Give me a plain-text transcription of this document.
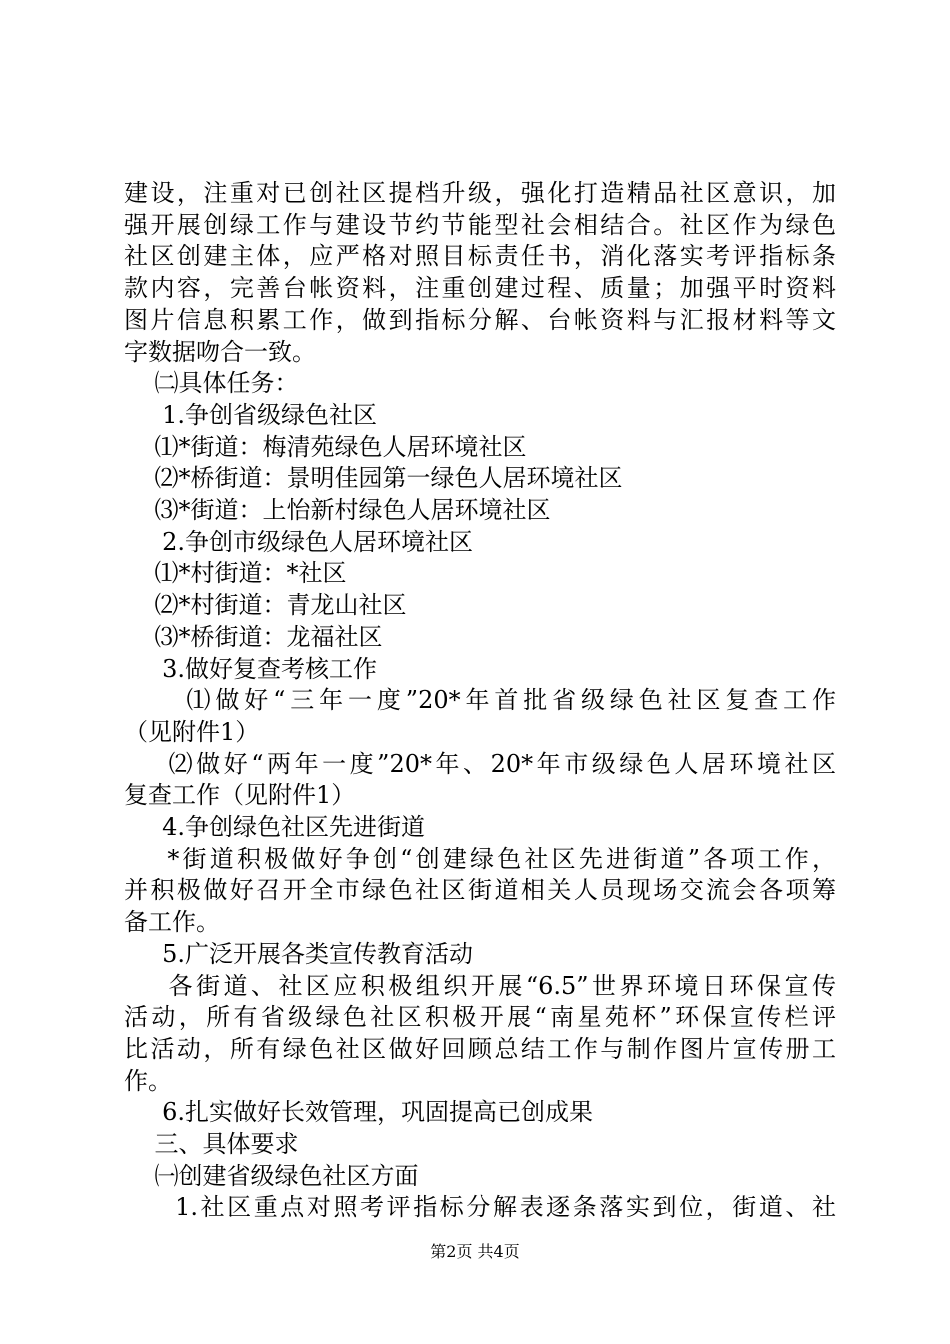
建设，注重对已创社区提档升级，强化打造精品社区意识，加
强开展创绿工作与建设节约节能型社会相结合。社区作为绿色
社区创建主体，应严格对照目标责任书，消化落实考评指标条
款内容，完善台帐资料，注重创建过程、质量；加强平时资料
图片信息积累工作，做到指标分解、台帐资料与汇报材料等文
字数据吻合一致。
㈡具体任务：
1.争创省级绿色社区
⑴*街道：梅清苑绿色人居环境社区
⑵*桥街道：景明佳园第一绿色人居环境社区
⑶*街道：上怡新村绿色人居环境社区
2.争创市级绿色人居环境社区
⑴*村街道：*社区
⑵*村街道：青龙山社区
⑶*桥街道：龙福社区
3.做好复查考核工作
⑴做好“三年一度”20*年首批省级绿色社区复查工作
（见附件1）
⑵做好“两年一度”20*年、20*年市级绿色人居环境社区
复查工作（见附件1）
4.争创绿色社区先进街道
*街道积极做好争创“创建绿色社区先进街道”各项工作，
并积极做好召开全市绿色社区街道相关人员现场交流会各项筹
备工作。
5.广泛开展各类宣传教育活动
各街道、社区应积极组织开展“6.5”世界环境日环保宣传
活动，所有省级绿色社区积极开展“南星苑杯”环保宣传栏评
比活动，所有绿色社区做好回顾总结工作与制作图片宣传册工
作。
6.扎实做好长效管理，巩固提高已创成果
三、具体要求
㈠创建省级绿色社区方面
1.社区重点对照考评指标分解表逐条落实到位，街道、社
第2页 共4页
